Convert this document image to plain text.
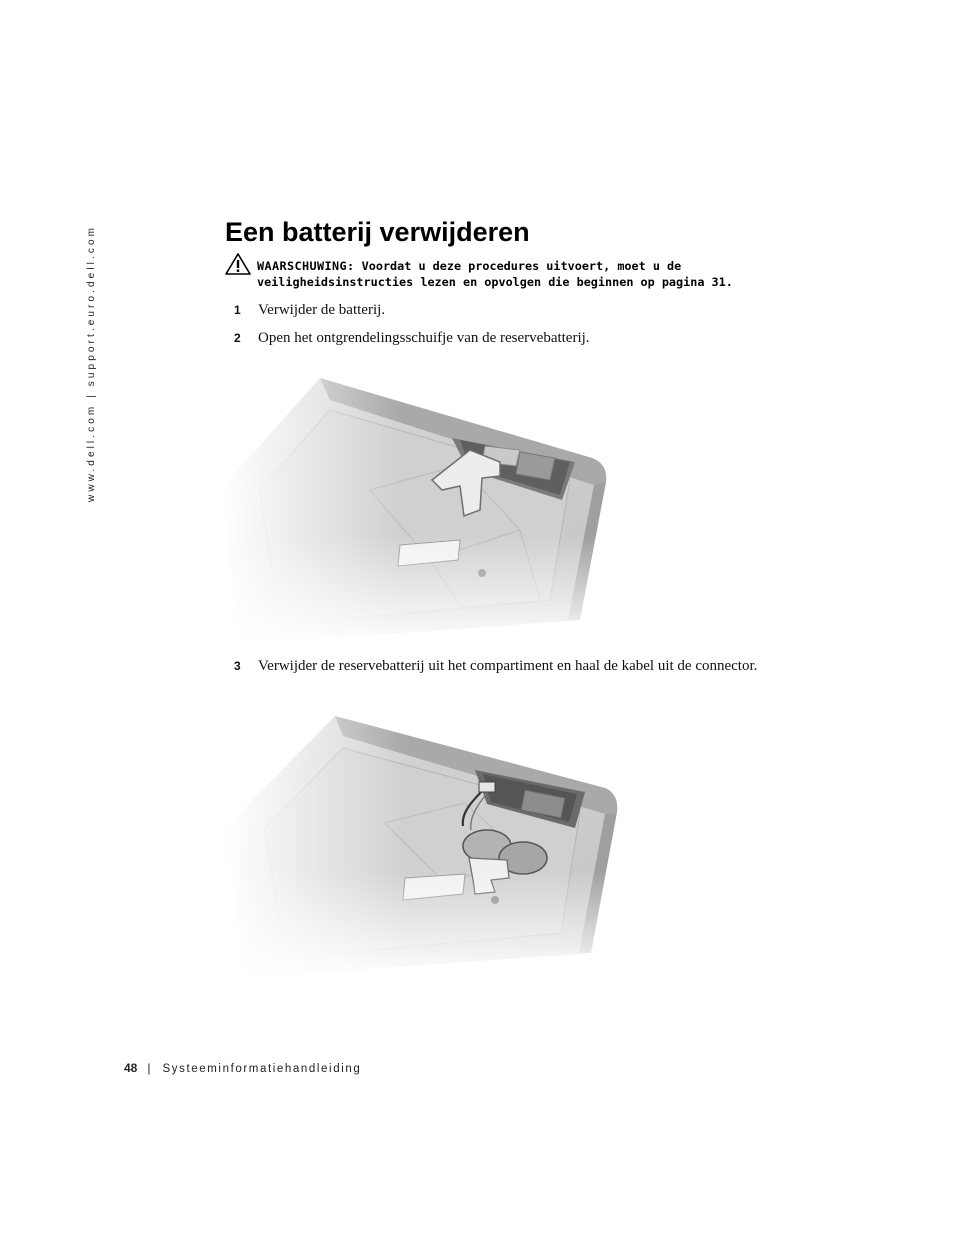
www.dell.com | support.euro.dell.com	Een batterij verwijderen
WAARSCHUWING: Voordat u deze procedures uitvoert, moet u de
veiligheidsinstructies lezen en opvolgen die beginnen op pagina 31.
1 Verwijder de batterij.
2 Open het ontgrendelingsschuifje van de reservebatterij.
3 Verwijder de reservebatterij uit het compartiment en haal de kabel uit de connector.
48 | Systeeminformatiehandleiding
